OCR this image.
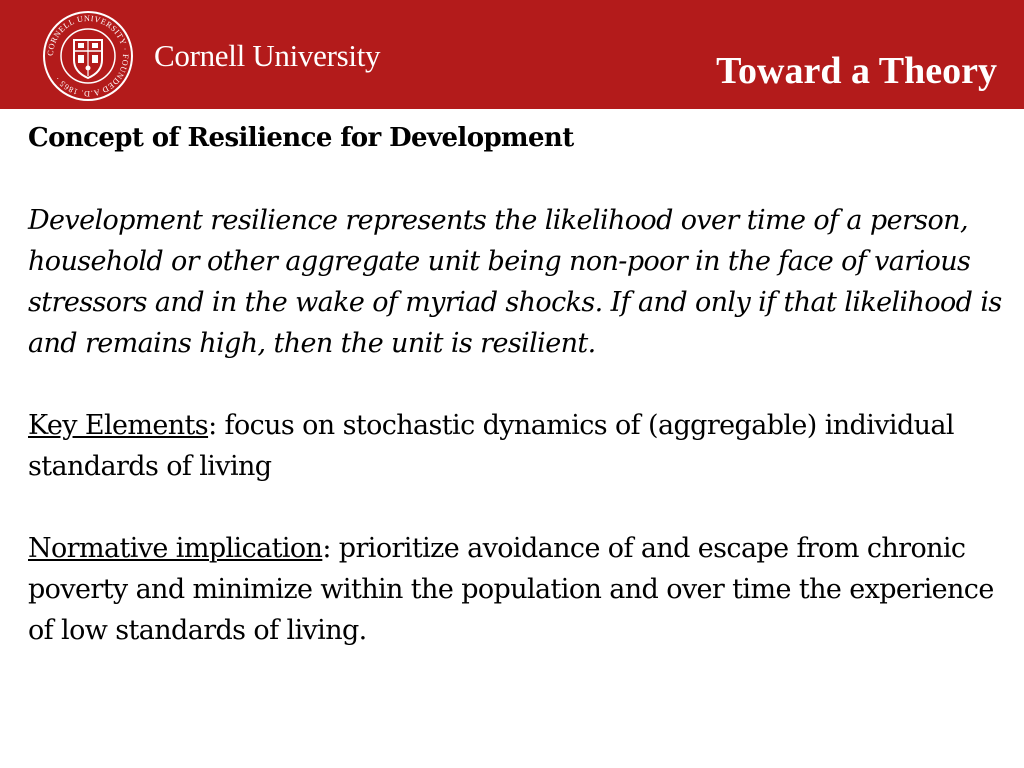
CORNELL UNIVERSITY · FOUNDED A.D. 1865 ·
Cornell University	Toward a Theory
Concept of Resilience for Development
Development resilience represents the likelihood over time of a person, household or other aggregate unit being non-poor in the face of various stressors and in the wake of myriad shocks. If and only if that likelihood is and remains high, then the unit is resilient.
Key Elements: focus on stochastic dynamics of (aggregable) individual standards of living
Normative implication: prioritize avoidance of and escape from chronic poverty and minimize within the population and over time the experience of low standards of living.
